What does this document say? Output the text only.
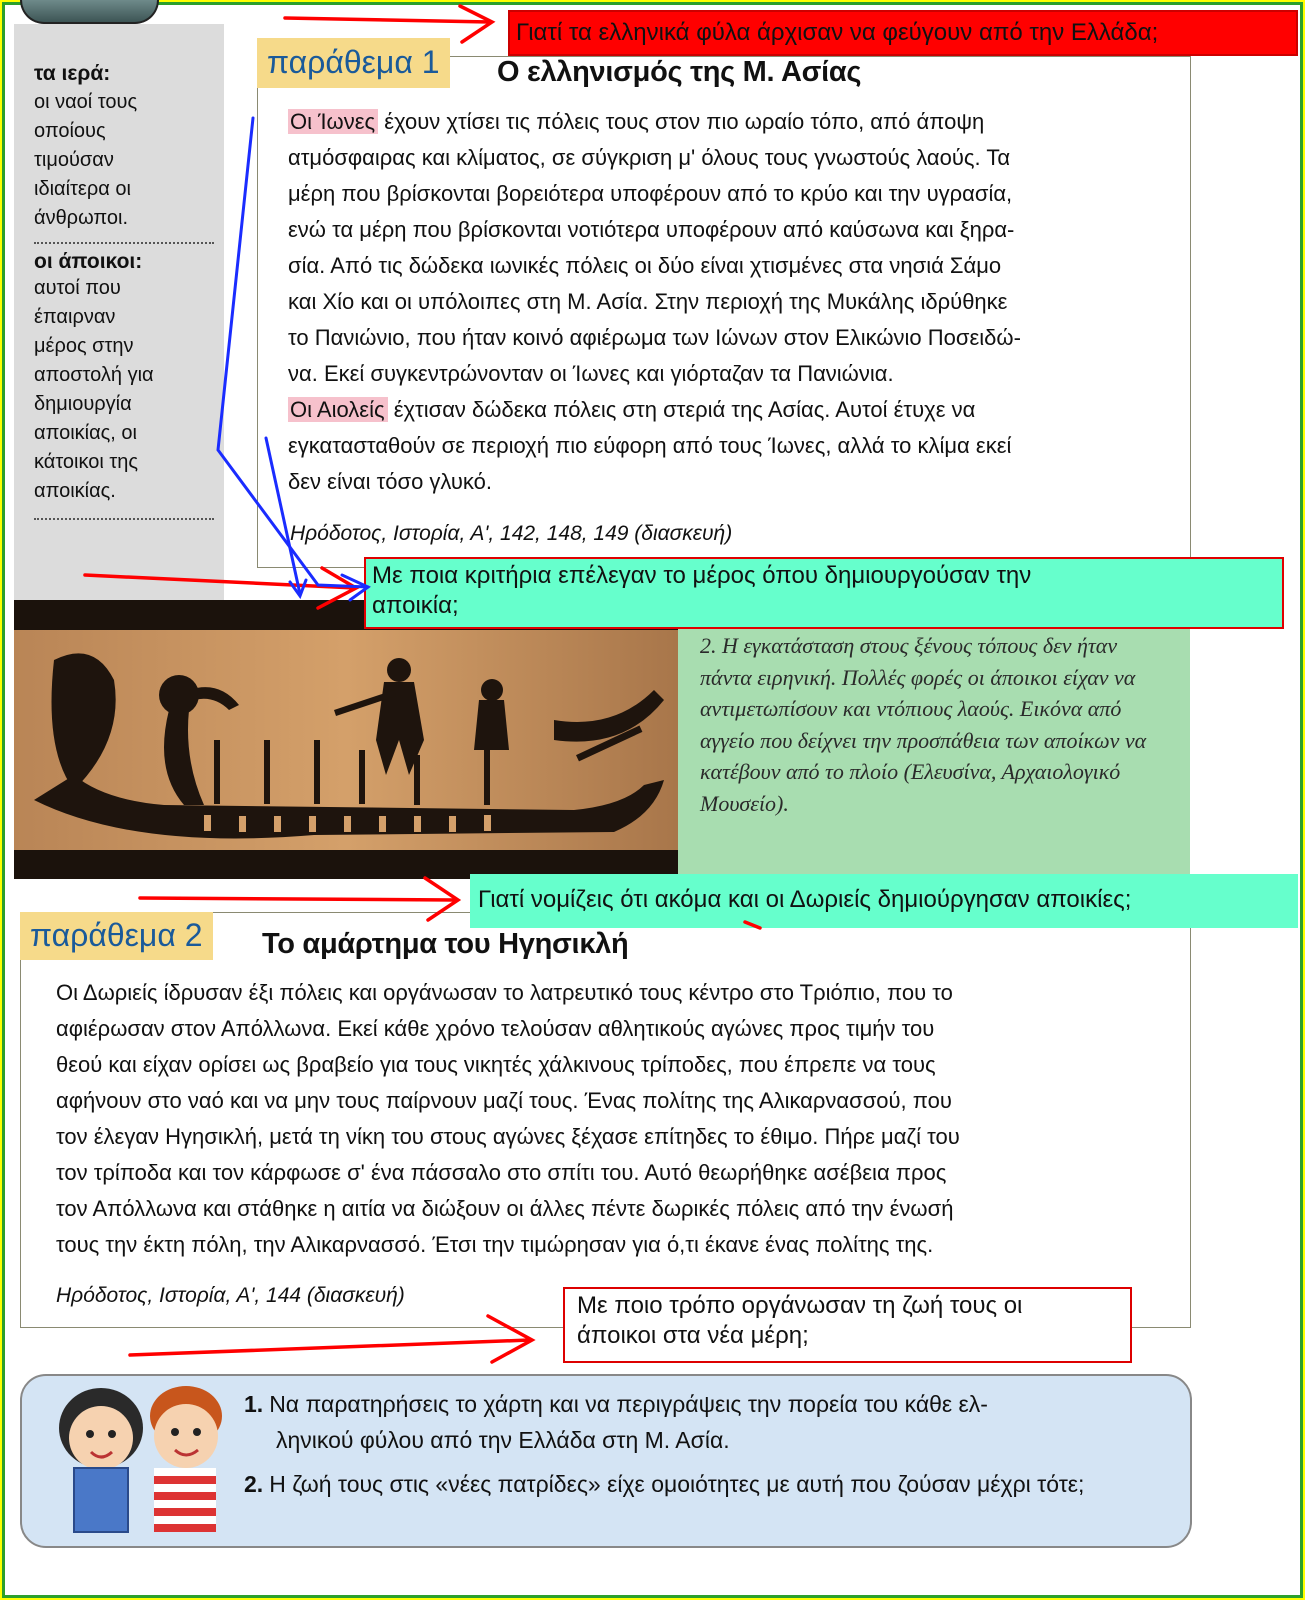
τα ιερά:
οι ναοί τους
οποίους
τιμούσαν
ιδιαίτερα οι
άνθρωποι.
οι άποικοι:
αυτοί που
έπαιρναν
μέρος στην
αποστολή για
δημιουργία
αποικίας, οι
κάτοικοι της
αποικίας.
παράθεμα 1	Ο ελληνισμός της Μ. Ασίας

Οι Ίωνες έχουν χτίσει τις πόλεις τους στον πιο ωραίο τόπο, από άποψη

ατμόσφαιρας και κλίματος, σε σύγκριση μ' όλους τους γνωστούς λαούς. Τα

μέρη που βρίσκονται βορειότερα υποφέρουν από το κρύο και την υγρασία,

ενώ τα μέρη που βρίσκονται νοτιότερα υποφέρουν από καύσωνα και ξηρα-

σία. Από τις δώδεκα ιωνικές πόλεις οι δύο είναι χτισμένες στα νησιά Σάμο

και Χίο και οι υπόλοιπες στη Μ. Ασία. Στην περιοχή της Μυκάλης ιδρύθηκε

το Πανιώνιο, που ήταν κοινό αφιέρωμα των Ιώνων στον Ελικώνιο Ποσειδώ-

να. Εκεί συγκεντρώνονταν οι Ίωνες και γιόρταζαν τα Πανιώνια.

Οι Αιολείς έχτισαν δώδεκα πόλεις στη στεριά της Ασίας. Αυτοί έτυχε να

εγκατασταθούν σε περιοχή πιο εύφορη από τους Ίωνες, αλλά το κλίμα εκεί

δεν είναι τόσο γλυκό.

Ηρόδοτος, Ιστορία, Α', 142, 148, 149 (διασκευή)
2. Η εγκατάσταση στους ξένους τόπους δεν ήταν πάντα ειρηνική. Πολλές φορές οι άποικοι είχαν να αντιμετωπίσουν και ντόπιους λαούς. Εικόνα από αγγείο που δείχνει την προσπάθεια των αποίκων να κατέβουν από το πλοίο (Ελευσίνα, Αρχαιολογικό Μουσείο).
παράθεμα 2	Το αμάρτημα του Ηγησικλή

Οι Δωριείς ίδρυσαν έξι πόλεις και οργάνωσαν το λατρευτικό τους κέντρο στο Τριόπιο, που το

αφιέρωσαν στον Απόλλωνα. Εκεί κάθε χρόνο τελούσαν αθλητικούς αγώνες προς τιμήν του

θεού και είχαν ορίσει ως βραβείο για τους νικητές χάλκινους τρίποδες, που έπρεπε να τους

αφήνουν στο ναό και να μην τους παίρνουν μαζί τους. Ένας πολίτης της Αλικαρνασσού, που

τον έλεγαν Ηγησικλή, μετά τη νίκη του στους αγώνες ξέχασε επίτηδες το έθιμο. Πήρε μαζί του

τον τρίποδα και τον κάρφωσε σ' ένα πάσσαλο στο σπίτι του. Αυτό θεωρήθηκε ασέβεια προς

τον Απόλλωνα και στάθηκε η αιτία να διώξουν οι άλλες πέντε δωρικές πόλεις από την ένωσή

τους την έκτη πόλη, την Αλικαρνασσό. Έτσι την τιμώρησαν για ό,τι έκανε ένας πολίτης της.

Ηρόδοτος, Ιστορία, Α', 144 (διασκευή)
1. Να παρατηρήσεις το χάρτη και να περιγράψεις την πορεία του κάθε ελ-
ληνικού φύλου από την Ελλάδα στη Μ. Ασία.
2. Η ζωή τους στις «νέες πατρίδες» είχε ομοιότητες με αυτή που ζούσαν μέχρι τότε;
Γιατί τα ελληνικά φύλα άρχισαν να φεύγουν από την Ελλάδα;
Με ποια κριτήρια επέλεγαν το μέρος όπου δημιουργούσαν την
αποικία;
Γιατί νομίζεις ότι ακόμα και οι Δωριείς δημιούργησαν αποικίες;
Με ποιο τρόπο οργάνωσαν τη ζωή τους οι
άποικοι στα νέα μέρη;
